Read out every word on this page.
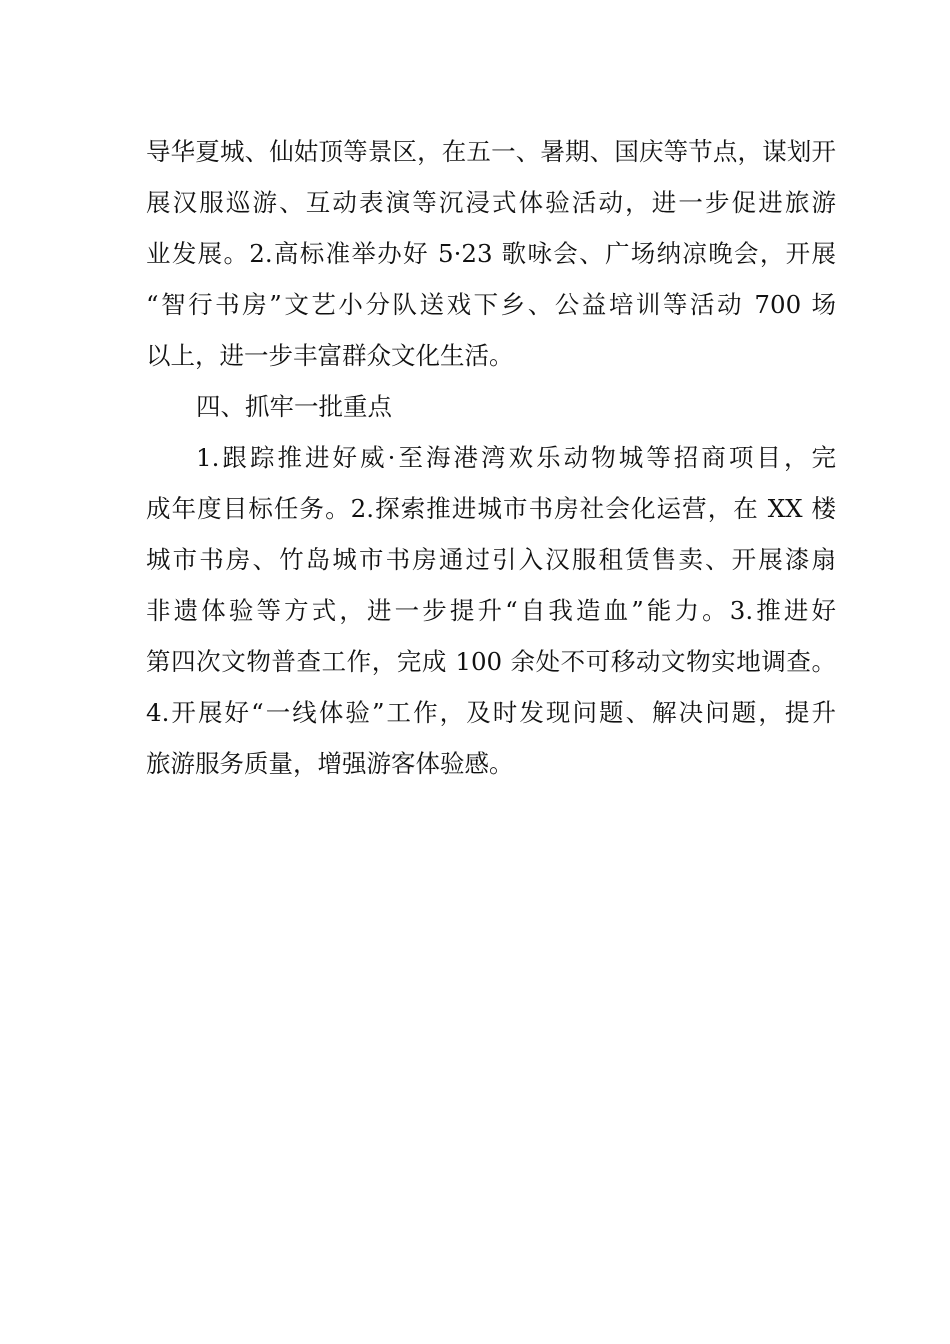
导华夏城、仙姑顶等景区，在五一、暑期、国庆等节点，谋划开
展汉服巡游、互动表演等沉浸式体验活动，进一步促进旅游
业发展。2.高标准举办好 5·23 歌咏会、广场纳凉晚会，开展
“智行书房”文艺小分队送戏下乡、公益培训等活动 700 场
以上，进一步丰富群众文化生活。
四、抓牢一批重点
1.跟踪推进好威·至海港湾欢乐动物城等招商项目，完
成年度目标任务。2.探索推进城市书房社会化运营，在 XX 楼
城市书房、竹岛城市书房通过引入汉服租赁售卖、开展漆扇
非遗体验等方式，进一步提升“自我造血”能力。3.推进好
第四次文物普查工作，完成 100 余处不可移动文物实地调查。
4.开展好“一线体验”工作，及时发现问题、解决问题，提升
旅游服务质量，增强游客体验感。
